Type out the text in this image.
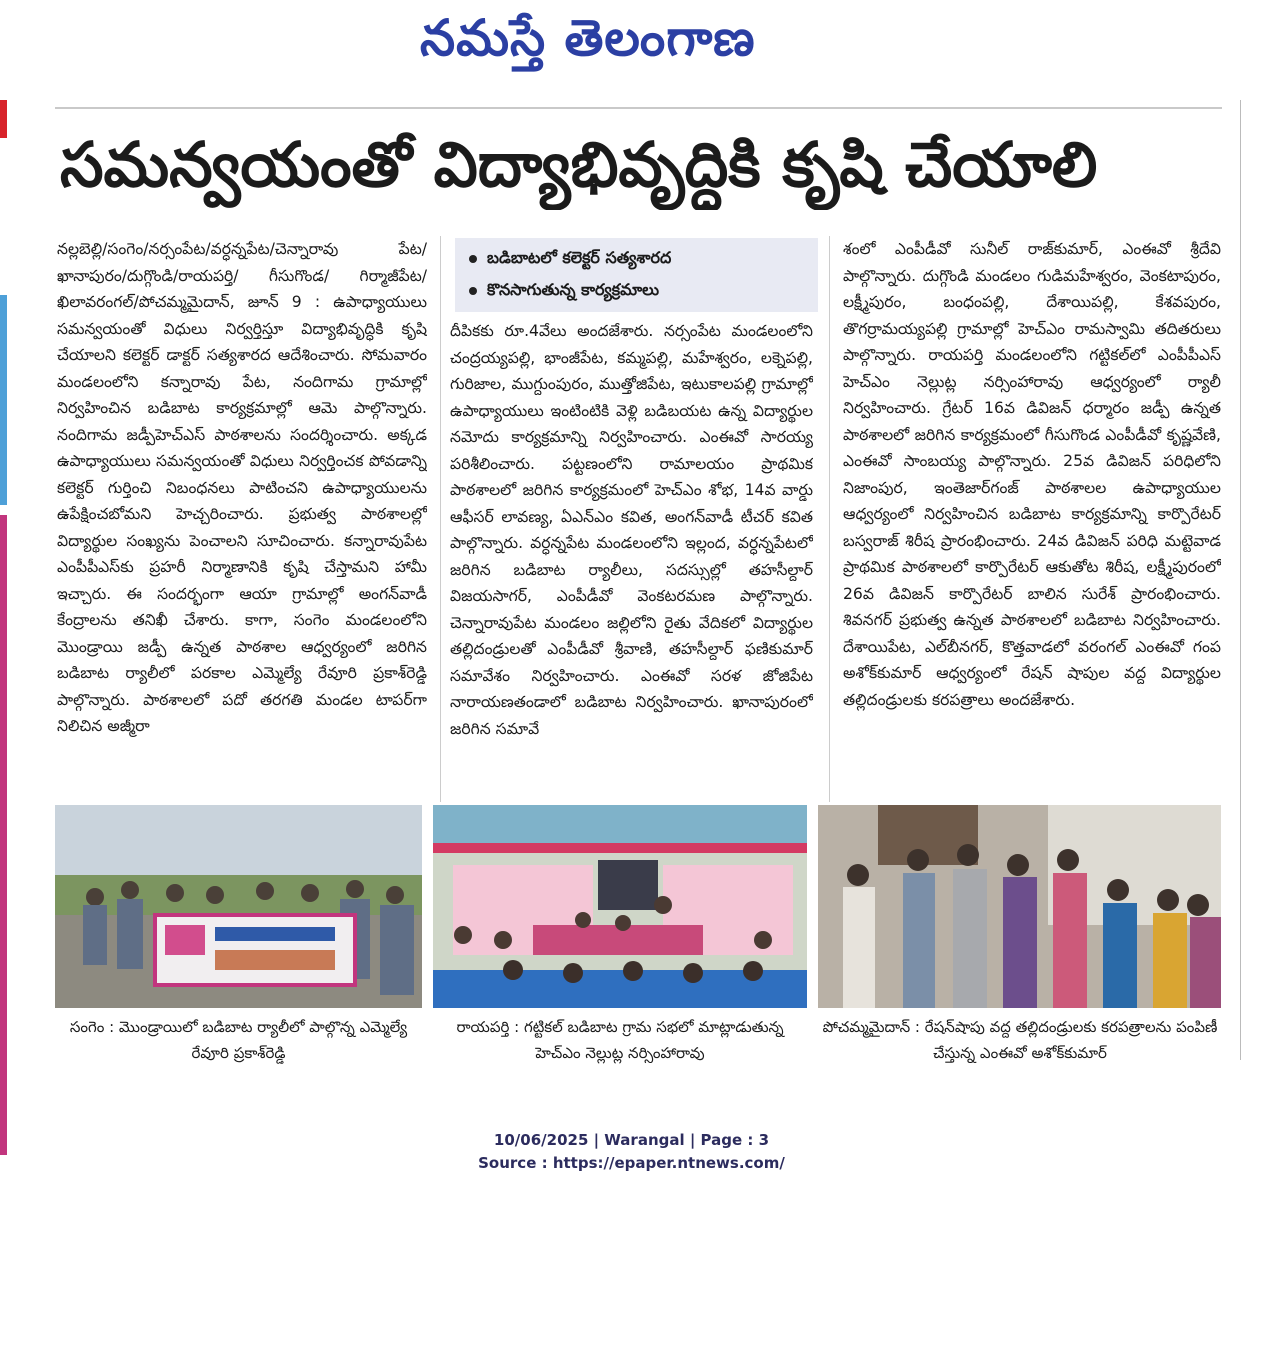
నమస్తే తెలంగాణ
సమన్వయంతో విద్యాభివృద్ధికి కృషి చేయాలి
నల్లబెల్లి/సంగెం/నర్సంపేట/వర్ధన్నపేట/చెన్నారావు పేట/ఖానాపురం/దుగ్గొండి/రాయపర్తి/ గీసుగొండ/ గిర్మాజీపేట/ఖిలావరంగల్/పోచమ్మమైదాన్, జూన్ 9 : ఉపాధ్యాయులు సమన్వయంతో విధులు నిర్వర్తిస్తూ విద్యాభివృద్ధికి కృషి చేయాలని కలెక్టర్ డాక్టర్ సత్యశారద ఆదేశించారు. సోమవారం మండలంలోని కన్నారావు పేట, నందిగామ గ్రామాల్లో నిర్వహించిన బడిబాట కార్యక్రమాల్లో ఆమె పాల్గొన్నారు. నందిగామ జడ్పీహెచ్ఎస్ పాఠశాలను సందర్శించారు. అక్కడ ఉపాధ్యాయులు సమన్వయంతో విధులు నిర్వర్తించక పోవడాన్ని కలెక్టర్ గుర్తించి నిబంధనలు పాటించని ఉపాధ్యాయులను ఉపేక్షించబోమని హెచ్చరించారు. ప్రభుత్వ పాఠశాలల్లో విద్యార్థుల సంఖ్యను పెంచాలని సూచించారు. కన్నారావుపేట ఎంపీపీఎస్‌కు ప్రహరీ నిర్మాణానికి కృషి చేస్తామని హామీ ఇచ్చారు. ఈ సందర్భంగా ఆయా గ్రామాల్లో అంగన్‌వాడీ కేంద్రాలను తనిఖీ చేశారు. కాగా, సంగెం మండలంలోని మొండ్రాయి జడ్పీ ఉన్నత పాఠశాల ఆధ్వర్యంలో జరిగిన బడిబాట ర్యాలీలో పరకాల ఎమ్మెల్యే రేవూరి ప్రకాశ్‌రెడ్డి పాల్గొన్నారు. పాఠశాలలో పదో తరగతి మండల టాపర్‌గా నిలిచిన అజ్మీరా
బడిబాటలో కలెక్టర్ సత్యశారద
కొనసాగుతున్న కార్యక్రమాలు
దీపికకు రూ.4వేలు అందజేశారు. నర్సంపేట మండలంలోని చంద్రయ్యపల్లి, భాంజీపేట, కమ్మపల్లి, మహేశ్వరం, లక్నెపల్లి, గురిజాల, ముగ్దుంపురం, ముత్తోజిపేట, ఇటుకాలపల్లి గ్రామాల్లో ఉపాధ్యాయులు ఇంటింటికి వెళ్లి బడిబయట ఉన్న విద్యార్థుల నమోదు కార్యక్రమాన్ని నిర్వహించారు. ఎంఈవో సారయ్య పరిశీలించారు. పట్టణంలోని రామాలయం ప్రాథమిక పాఠశాలలో జరిగిన కార్యక్రమంలో హెచ్ఎం శోభ, 14వ వార్డు ఆఫీసర్ లావణ్య, ఏఎన్ఎం కవిత, అంగన్‌వాడీ టీచర్ కవిత పాల్గొన్నారు. వర్ధన్నపేట మండలంలోని ఇల్లంద, వర్ధన్నపేటలో జరిగిన బడిబాట ర్యాలీలు, సదస్సుల్లో తహసీల్దార్ విజయసాగర్, ఎంపీడీవో వెంకటరమణ పాల్గొన్నారు. చెన్నారావుపేట మండలం జల్లిలోని రైతు వేదికలో విద్యార్థుల తల్లిదండ్రులతో ఎంపీడీవో శ్రీవాణి, తహసీల్దార్ ఫణికుమార్ సమావేశం నిర్వహించారు. ఎంఈవో సరళ జోజిపేట నారాయణతండాలో బడిబాట నిర్వహించారు. ఖానాపురంలో జరిగిన సమావే
శంలో ఎంపీడీవో సునీల్ రాజ్‌కుమార్, ఎంఈవో శ్రీదేవి పాల్గొన్నారు. దుగ్గొండి మండలం గుడిమహేశ్వరం, వెంకటాపురం, లక్ష్మీపురం, బంధంపల్లి, దేశాయిపల్లి, కేశవపురం, తొగర్రామయ్యపల్లి గ్రామాల్లో హెచ్ఎం రామస్వామి తదితరులు పాల్గొన్నారు. రాయపర్తి మండలంలోని గట్టికల్‌లో ఎంపీపీఎస్ హెచ్ఎం నెల్లుట్ల నర్సింహారావు ఆధ్వర్యంలో ర్యాలీ నిర్వహించారు. గ్రేటర్ 16వ డివిజన్ ధర్మారం జడ్పీ ఉన్నత పాఠశాలలో జరిగిన కార్యక్రమంలో గీసుగొండ ఎంపీడీవో కృష్ణవేణి, ఎంఈవో సాంబయ్య పాల్గొన్నారు. 25వ డివిజన్ పరిధిలోని నిజాంపుర, ఇంతెజార్‌గంజ్ పాఠశాలల ఉపాధ్యాయుల ఆధ్వర్యంలో నిర్వహించిన బడిబాట కార్యక్రమాన్ని కార్పొరేటర్ బస్వరాజ్ శిరీష ప్రారంభించారు. 24వ డివిజన్ పరిధి మట్టెవాడ ప్రాథమిక పాఠశాలలో కార్పొరేటర్ ఆకుతోట శిరీష, లక్ష్మీపురంలో 26వ డివిజన్ కార్పొరేటర్ బాలిన సురేశ్ ప్రారంభించారు. శివనగర్ ప్రభుత్వ ఉన్నత పాఠశాలలో బడిబాట నిర్వహించారు. దేశాయిపేట, ఎల్‌బీనగర్, కొత్తవాడలో వరంగల్ ఎంఈవో గంప అశోక్‌కుమార్ ఆధ్వర్యంలో రేషన్ షాపుల వద్ద విద్యార్థుల తల్లిదండ్రులకు కరపత్రాలు అందజేశారు.
సంగెం : మొండ్రాయిలో బడిబాట ర్యాలీలో పాల్గొన్న ఎమ్మెల్యే రేవూరి ప్రకాశ్‌రెడ్డి
రాయపర్తి : గట్టికల్ బడిబాట గ్రామ సభలో మాట్లాడుతున్న హెచ్ఎం నెల్లుట్ల నర్సింహారావు
పోచమ్మమైదాన్ : రేషన్‌షాపు వద్ద తల్లిదండ్రులకు కరపత్రాలను పంపిణీ చేస్తున్న ఎంఈవో అశోక్‌కుమార్
10/06/2025 | Warangal | Page : 3
Source : https://epaper.ntnews.com/
